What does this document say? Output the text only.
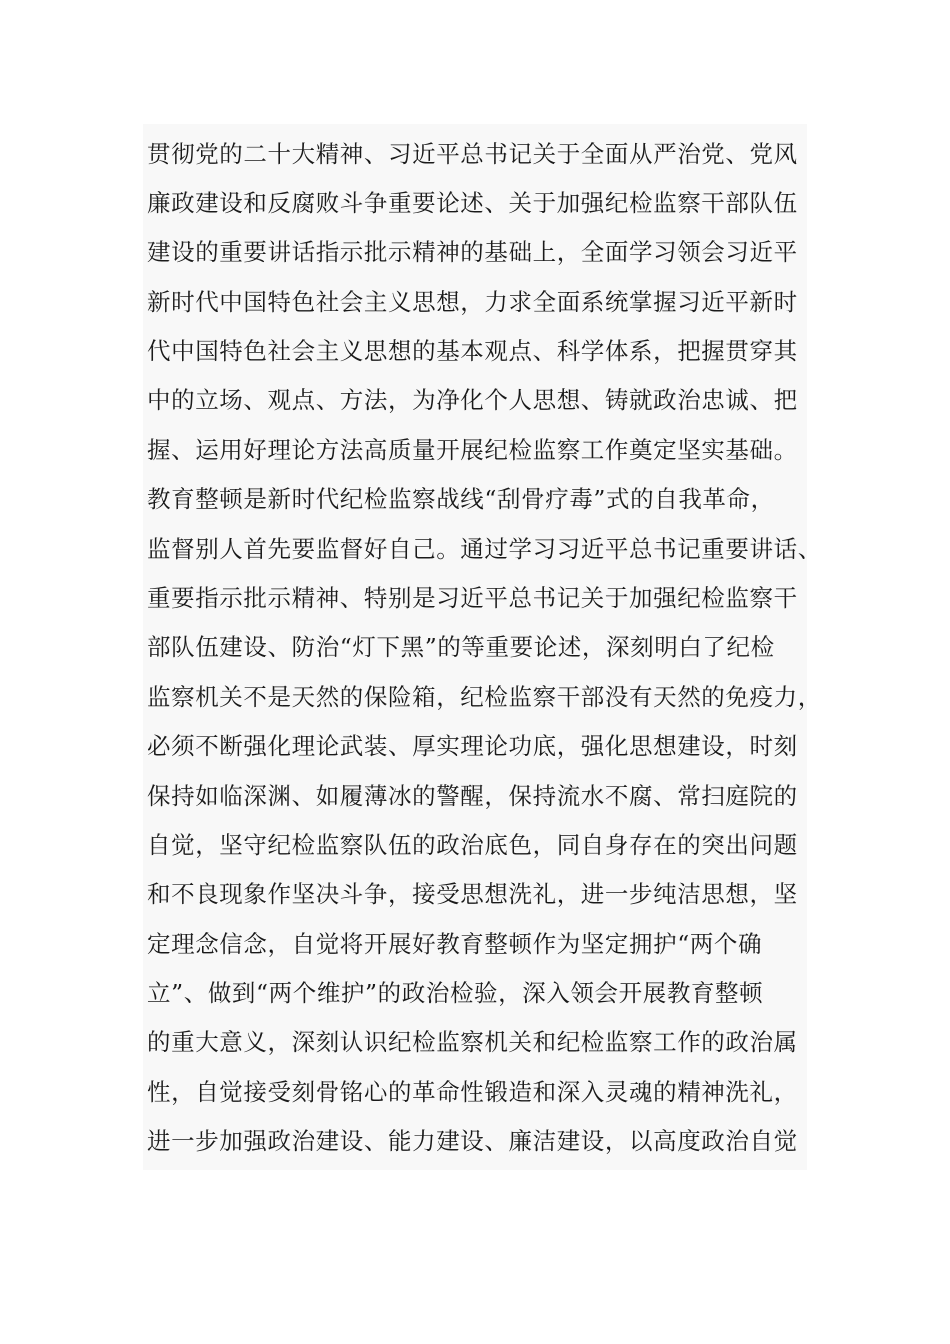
贯彻党的二十大精神、习近平总书记关于全面从严治党、党风
廉政建设和反腐败斗争重要论述、关于加强纪检监察干部队伍
建设的重要讲话指示批示精神的基础上，全面学习领会习近平
新时代中国特色社会主义思想，力求全面系统掌握习近平新时
代中国特色社会主义思想的基本观点、科学体系，把握贯穿其
中的立场、观点、方法，为净化个人思想、铸就政治忠诚、把
握、运用好理论方法高质量开展纪检监察工作奠定坚实基础。
教育整顿是新时代纪检监察战线“刮骨疗毒”式的自我革命，
监督别人首先要监督好自己。通过学习习近平总书记重要讲话、
重要指示批示精神、特别是习近平总书记关于加强纪检监察干
部队伍建设、防治“灯下黑”的等重要论述，深刻明白了纪检
监察机关不是天然的保险箱，纪检监察干部没有天然的免疫力，
必须不断强化理论武装、厚实理论功底，强化思想建设，时刻
保持如临深渊、如履薄冰的警醒，保持流水不腐、常扫庭院的
自觉，坚守纪检监察队伍的政治底色，同自身存在的突出问题
和不良现象作坚决斗争，接受思想洗礼，进一步纯洁思想，坚
定理念信念，自觉将开展好教育整顿作为坚定拥护“两个确
立”、做到“两个维护”的政治检验，深入领会开展教育整顿
的重大意义，深刻认识纪检监察机关和纪检监察工作的政治属
性，自觉接受刻骨铭心的革命性锻造和深入灵魂的精神洗礼，
进一步加强政治建设、能力建设、廉洁建设，以高度政治自觉
